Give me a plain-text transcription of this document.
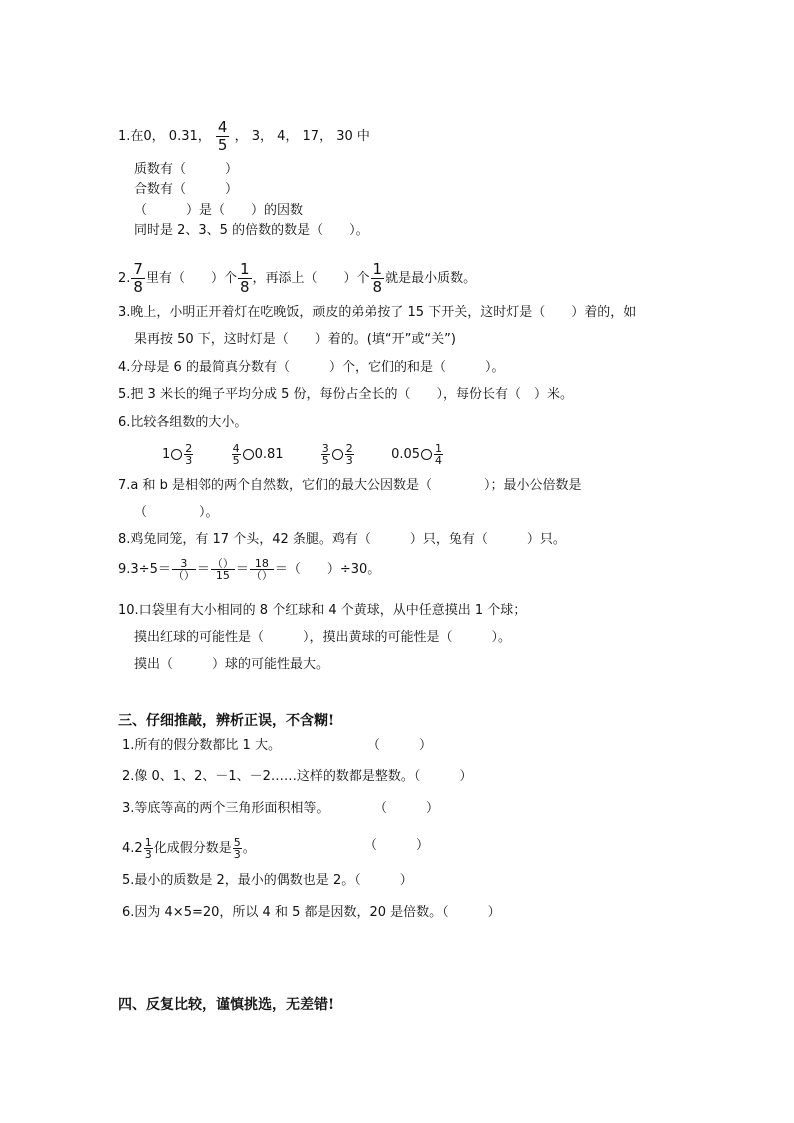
1.在0， 0.31， $\frac{4}{5}$ ， 3， 4， 17， 30 中
质数有（　　　）
合数有（　　　）
（　　　）是（　　）的因数
同时是 2、3、5 的倍数的数是（　　）。
2. $\frac{7}{8}$ 里有（　　）个 $\frac{1}{8}$ ，再添上（　　）个 $\frac{1}{8}$ 就是最小质数。
3.晚上，小明正开着灯在吃晚饭，顽皮的弟弟按了 15 下开关，这时灯是（　　）着的，如
果再按 50 下，这时灯是（　　）着的。(填“开”或“关”)
4.分母是 6 的最简真分数有（　　　）个，它们的和是（　　　）。
5.把 3 米长的绳子平均分成 5 份，每份占全长的（　　），每份长有（　）米。
6.比较各组数的大小。
$1 \frac{2}{3}$
	$\frac{4}{5} 0.81$	$\frac{3}{5} \frac{2}{3}$	$0.05 \frac{1}{4}$
7.a 和 b 是相邻的两个自然数，它们的最大公因数是（　　　　）；最小公倍数是
（　　　　）。
8.鸡兔同笼，有 17 个头，42 条腿。鸡有（　　　）只，兔有（　　　）只。
$9.3\div 5= \frac{3}{()} = \frac{()}{15} = \frac{18}{()}$ ＝（　　）÷30。
10.口袋里有大小相同的 8 个红球和 4 个黄球，从中任意摸出 1 个球；
摸出红球的可能性是（　　　），摸出黄球的可能性是（　　　）。
摸出（　　　）球的可能性最大。
三、仔细推敲，辨析正误，不含糊!
1.所有的假分数都比 1 大。	（　　　）
2.像 0、1、2、－1、－2……这样的数都是整数。（　　　）
3.等底等高的两个三角形面积相等。	（　　　）
$4.2 \frac{1}{3}$ 化成假分数是 $\frac{5}{3}$ 。	（　　　）
5.最小的质数是 2，最小的偶数也是 2。（　　　）
6.因为 4×5=20，所以 4 和 5 都是因数，20 是倍数。（　　　）
四、反复比较，谨慎挑选，无差错!
